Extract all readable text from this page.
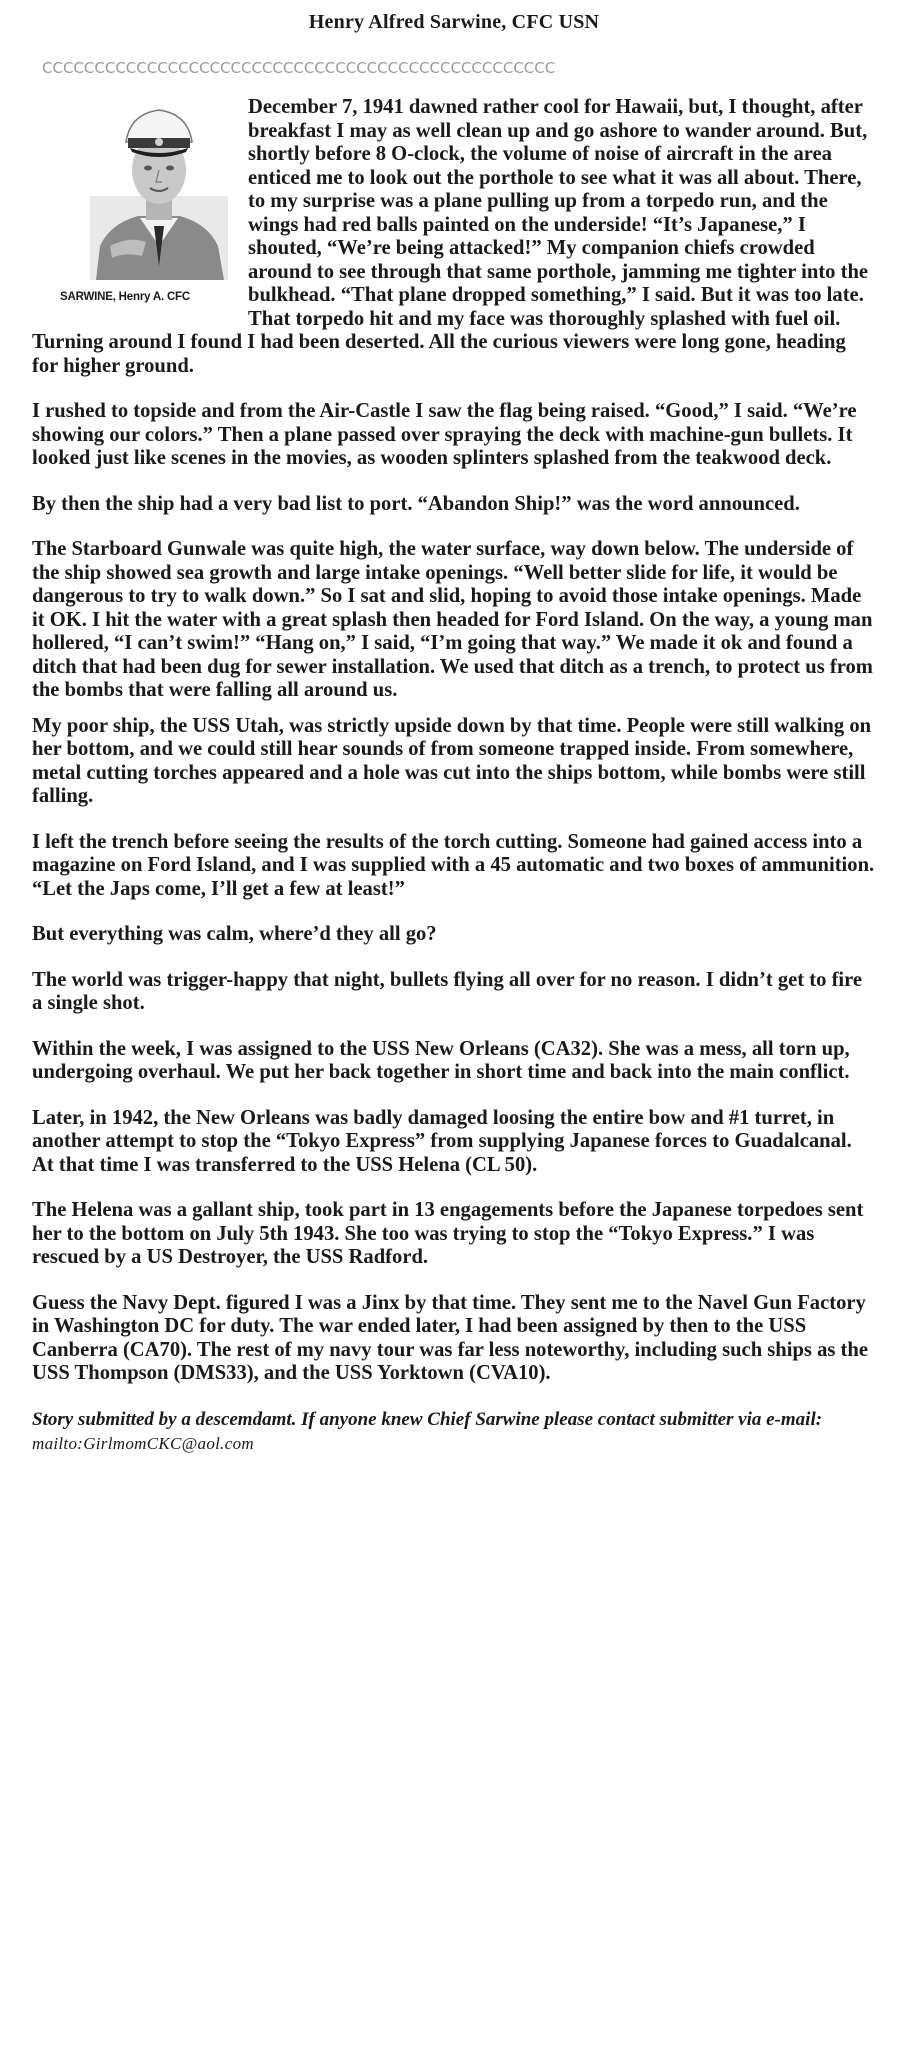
Henry Alfred Sarwine, CFC USN
CCCCCCCCCCCCCCCCCCCCCCCCCCCCCCCCCCCCCCCCCCCCCCCCC
SARWINE, Henry A. CFC

December 7, 1941 dawned rather cool for Hawaii, but, I thought, after breakfast I may as well clean up and go ashore to wander around. But, shortly before 8 O-clock, the volume of noise of aircraft in the area enticed me to look out the porthole to see what it was all about. There, to my surprise was a plane pulling up from a torpedo run, and the wings had red balls painted on the underside! “It’s Japanese,” I shouted, “We’re being attacked!” My companion chiefs crowded around to see through that same porthole, jamming me tighter into the bulkhead. “That plane dropped something,” I said. But it was too late. That torpedo hit and my face was thoroughly splashed with fuel oil. Turning around I found I had been deserted. All the curious viewers were long gone, heading for higher ground.

I rushed to topside and from the Air-Castle I saw the flag being raised. “Good,” I said. “We’re showing our colors.” Then a plane passed over spraying the deck with machine-gun bullets. It looked just like scenes in the movies, as wooden splinters splashed from the teakwood deck.

By then the ship had a very bad list to port. “Abandon Ship!” was the word announced.

The Starboard Gunwale was quite high, the water surface, way down below. The underside of the ship showed sea growth and large intake openings. “Well better slide for life, it would be dangerous to try to walk down.” So I sat and slid, hoping to avoid those intake openings. Made it OK. I hit the water with a great splash then headed for Ford Island. On the way, a young man hollered, “I can’t swim!” “Hang on,” I said, “I’m going that way.” We made it ok and found a ditch that had been dug for sewer installation. We used that ditch as a trench, to protect us from the bombs that were falling all around us.

My poor ship, the USS Utah, was strictly upside down by that time. People were still walking on her bottom, and we could still hear sounds of from someone trapped inside. From somewhere, metal cutting torches appeared and a hole was cut into the ships bottom, while bombs were still falling.

I left the trench before seeing the results of the torch cutting. Someone had gained access into a magazine on Ford Island, and I was supplied with a 45 automatic and two boxes of ammunition. “Let the Japs come, I’ll get a few at least!”

But everything was calm, where’d they all go?

The world was trigger-happy that night, bullets flying all over for no reason. I didn’t get to fire a single shot.

Within the week, I was assigned to the USS New Orleans (CA32). She was a mess, all torn up, undergoing overhaul. We put her back together in short time and back into the main conflict.

Later, in 1942, the New Orleans was badly damaged loosing the entire bow and #1 turret, in another attempt to stop the “Tokyo Express” from supplying Japanese forces to Guadalcanal. At that time I was transferred to the USS Helena (CL 50).

The Helena was a gallant ship, took part in 13 engagements before the Japanese torpedoes sent her to the bottom on July 5th 1943. She too was trying to stop the “Tokyo Express.” I was rescued by a US Destroyer, the USS Radford.

Guess the Navy Dept. figured I was a Jinx by that time. They sent me to the Navel Gun Factory in Washington DC for duty. The war ended later, I had been assigned by then to the USS Canberra (CA70). The rest of my navy tour was far less noteworthy, including such ships as the USS Thompson (DMS33), and the USS Yorktown (CVA10).

Story submitted by a descemdamt. If anyone knew Chief Sarwine please contact submitter via e-mail: mailto:GirlmomCKC@aol.com
